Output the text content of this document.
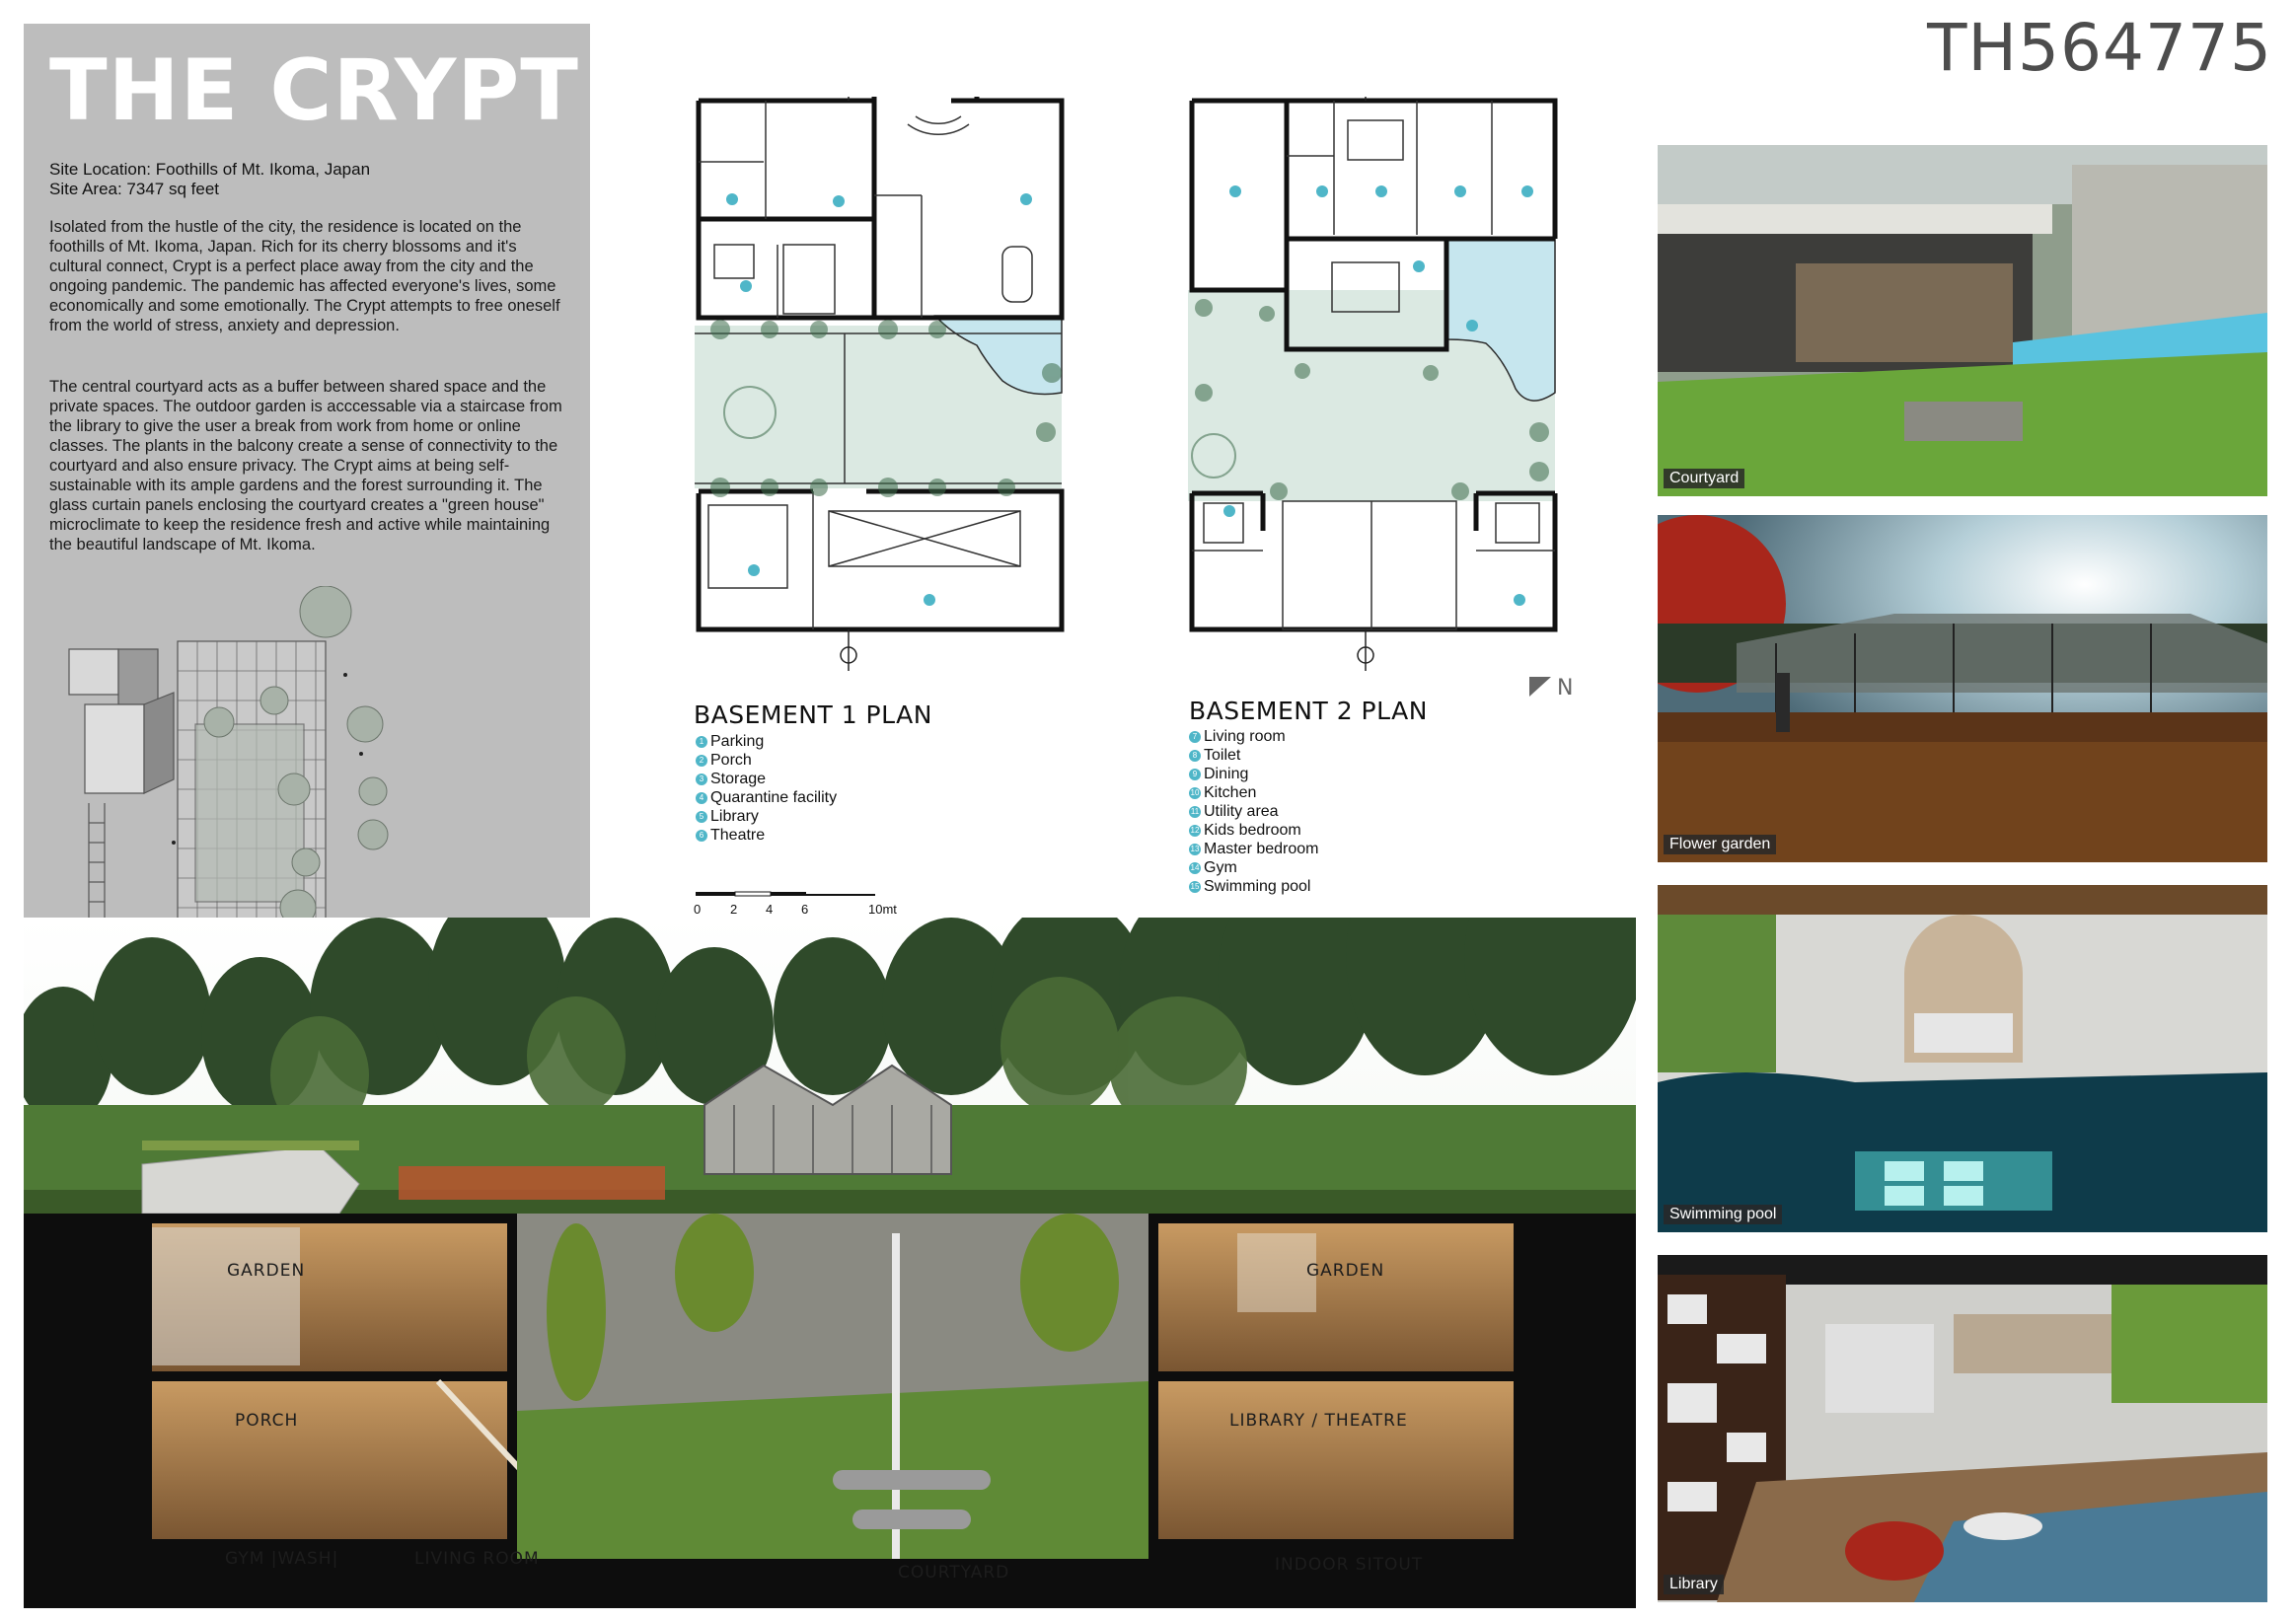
TH564775
THE CRYPT
Site Location: Foothills of Mt. Ikoma, Japan
Site Area: 7347 sq feet
Isolated from the hustle of the city, the residence is located on the foothills of Mt. Ikoma, Japan. Rich for its cherry blossoms and it's cultural connect, Crypt is a perfect place away from the city and the ongoing pandemic. The pandemic has affected everyone's lives, some economically and some emotionally. The Crypt attempts to free oneself from the world of stress, anxiety and depression.
The central courtyard acts as a buffer between shared space and the private spaces. The outdoor garden is acccessable via a staircase from the library to give the user a break from work from home or online classes. The plants in the balcony create a sense of connectivity to the courtyard and also ensure privacy. The Crypt aims at being self-sustainable with its ample gardens and the forest surrounding it. The glass curtain panels enclosing the courtyard creates a "green house" microclimate to keep the residence fresh and active while maintaining the beautiful landscape of Mt. Ikoma.
BASEMENT 1 PLAN
1 Parking
2 Porch
3 Storage
4 Quarantine facility
5 Library
6 Theatre
0 2 4 6	10mt
BASEMENT 2 PLAN
7 Living room
8 Toilet
9 Dining
10 Kitchen
11 Utility area
12 Kids bedroom
13 Master bedroom
14 Gym
15 Swimming pool
N
GARDEN	GARDEN
PORCH	LIBRARY / THEATRE
GYM |WASH|	LIVING ROOM
COURTYARD	INDOOR SITOUT
Courtyard
Flower garden
Swimming pool
Library
